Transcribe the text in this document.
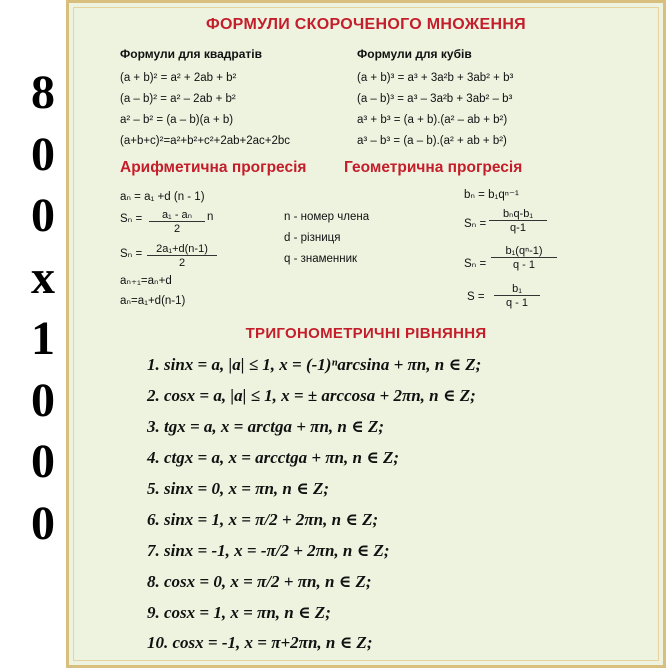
8
0
0
x
1
0
0
0
ФОРМУЛИ СКОРОЧЕНОГО МНОЖЕННЯ
Формули для квадратів
(a + b)² = a² + 2ab + b²
(a – b)² = a² – 2ab + b²
a² – b² = (a – b)(a + b)
(a+b+c)²=a²+b²+c²+2ab+2ac+2bc
Формули для кубів
(a + b)³ = a³ + 3a²b + 3ab² + b³
(a – b)³ = a³ – 3a²b + 3ab² – b³
a³ + b³ = (a + b).(a² – ab + b²)
a³ – b³ = (a – b).(a² + ab + b²)
Арифметична прогресія Геометрична прогресія
aₙ = a₁ +d (n - 1)
$S_n = \frac{\text{a₁ - aₙ}}{2}$ n
$S_n = \frac{\text{2a₁+d(n-1)}}{2}$
aₙ₊₁=aₙ+d
aₙ=a₁+d(n-1)
n - номер члена
d - різниця
q - знаменник
bₙ = b₁qⁿ⁻¹
Sₙ =
bₙq-b₁
q-1
$S_n = \frac{\text{b₁(qⁿ-1)}}{q - 1}$
$S = \frac{\text{b₁}}{q - 1}$
ТРИГОНОМЕТРИЧНІ РІВНЯННЯ
1. sinx = a, |a| ≤ 1, x = (-1)ⁿarcsina + πn, n ∈ Z;
2. cosx = a, |a| ≤ 1, x = ± arccosa + 2πn, n ∈ Z;
3. tgx = a, x = arctga + πn, n ∈ Z;
4. ctgx = a, x = arcctga + πn, n ∈ Z;
5. sinx = 0, x = πn, n ∈ Z;
6. sinx = 1, x = π/2 + 2πn, n ∈ Z;
7. sinx = -1, x = -π/2 + 2πn, n ∈ Z;
8. cosx = 0, x = π/2 + πn, n ∈ Z;
9. cosx = 1, x = πn, n ∈ Z;
10. cosx = -1, x = π+2πn, n ∈ Z;
